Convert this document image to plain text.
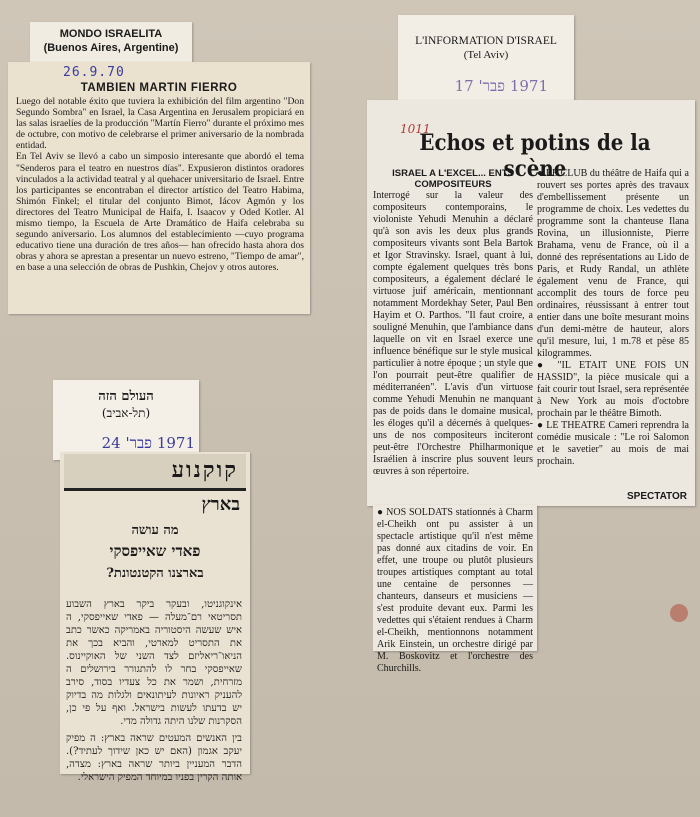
MONDO ISRAELITA
(Buenos Aires, Argentine)
26.9.70
TAMBIEN MARTIN FIERRO

Luego del notable éxito que tuviera la exhibición del film argentino "Don Segundo Sombra" en Israel, la Casa Argentina en Jerusalem propiciará en las salas israelíes de la producción "Martín Fierro" durante el próximo mes de octubre, con motivo de celebrarse el primer aniversario de la nombrada entidad.

En Tel Aviv se llevó a cabo un simposio interesante que abordó el tema "Senderos para el teatro en nuestros días". Expusieron distintos oradores vinculados a la actividad teatral y al quehacer universitario de Israel. Entre los participantes se encontraban el director artístico del Teatro Habima, Shimón Finkel; el titular del conjunto Bimot, Iácov Agmón y los directores del Teatro Municipal de Haifa, I. Isaacov y Oded Kotler. Al mismo tiempo, la Escuela de Arte Dramático de Haifa celebraba su segundo aniversario. Los alumnos del establecimiento —cuyo programa educativo tiene una duración de tres años— han ofrecido hasta ahora dos obras y ahora se aprestan a presentar un nuevo estreno, "Tiempo de amar", en base a una selección de obras de Pushkin, Chejov y otros autores.

L'INFORMATION D'ISRAEL
(Tel Aviv)
1971 פבר' 17
1011
Echos et potins de la scène
ISRAEL A L'EXCEL... ENTS COMPOSITEURS

Interrogé sur la valeur des compositeurs contemporains, le violoniste Yehudi Menuhin a déclaré qu'à son avis les deux plus grands compositeurs vivants sont Bela Bartok et Igor Stravinsky. Israel, quant à lui, compte également quelques très bons compositeurs, a également déclaré le virtuose juif américain, mentionnant notamment Mordekhay Seter, Paul Ben Hayim et O. Parthos. "Il faut croire, a souligné Menuhin, que l'ambiance dans laquelle on vit en Israel exerce une influence bénéfique sur le style musical particulier à notre époque ; un style que l'on pourrait peut-être qualifier de méditerranéen". L'avis d'un virtuose comme Yehudi Menuhin ne manquant pas de poids dans le domaine musical, les éloges qu'il a décernés à quelques-uns de nos compositeurs inciteront peut-être l'Orchestre Philharmonique Israélien à inscrire plus souvent leurs œuvres à son répertoire.

● LE CLUB du théâtre de Haifa qui a rouvert ses portes après des travaux d'embellissement présente un programme de choix. Les vedettes du programme sont la chanteuse Ilana Rovina, un illusionniste, Pierre Brahama, venu de France, où il a donné des représentations au Lido de Paris, et Rudy Randal, un athlète également venu de France, qui accomplit des tours de force peu ordinaires, réussissant à entrer tout entier dans une boîte mesurant moins d'un demi-mètre de hauteur, alors qu'il mesure, lui, 1 m.78 et pèse 85 kilogrammes.

● "IL ETAIT UNE FOIS UN HASSID", la pièce musicale qui a fait courir tout Israel, sera représentée à New York au mois d'octobre prochain par le théâtre Bimoth.

● LE THEATRE Cameri reprendra la comédie musicale : "Le roi Salomon et le savetier" au mois de mai prochain.

SPECTATOR

● NOS SOLDATS stationnés à Charm el-Cheikh ont pu assister à un spectacle artistique qu'il n'est même pas donné aux citadins de voir. En effet, une troupe ou plutôt plusieurs troupes artistiques comptant au total une centaine de personnes — chanteurs, danseurs et musiciens — s'est produite devant eux. Parmi les vedettes qui s'étaient rendues à Charm el-Cheikh, mentionnons notamment Arik Einstein, un orchestre dirigé par M. Boskovitz et l'orchestre des Churchills.

העולם הזה
(תל-אביב)
1971 פבר' 24
קוקנוע
בארץ
מה עושה
פאדי שאייפסקי
בארצנו הקטנטונת?

אינקוגניטו, ובעקר ביקר בארץ השבוע תסריטאי רם־מעלה — פאדי שאייפסקי, ה איש שעשה היסטוריה באמריקה כאשר כתב את התסריט למארטי, והביא בכך את הניאו־ריאליזם לצד השני של האוקיינוס. שאייפסקי בחר לו להתגורר בירושלים ה מזרחית, ושמר את כל צעדיו בסוד, סירב להעניק ראיונות לעיתונאים ולגלות מה בדיוק יש בדעתו לעשות בישראל. ואף על פי כן, הסקרנות שלנו היתה גדולה מדי.

בין האנשים המעטים שראה בארץ: ה מפיק יעקב אגמון (האם יש כאן שידוך לעתיד?). הדבר המעניין ביותר שראה בארץ: מצדה, אותה הקרין בפניו במיוחד המפיק הישראלי.
